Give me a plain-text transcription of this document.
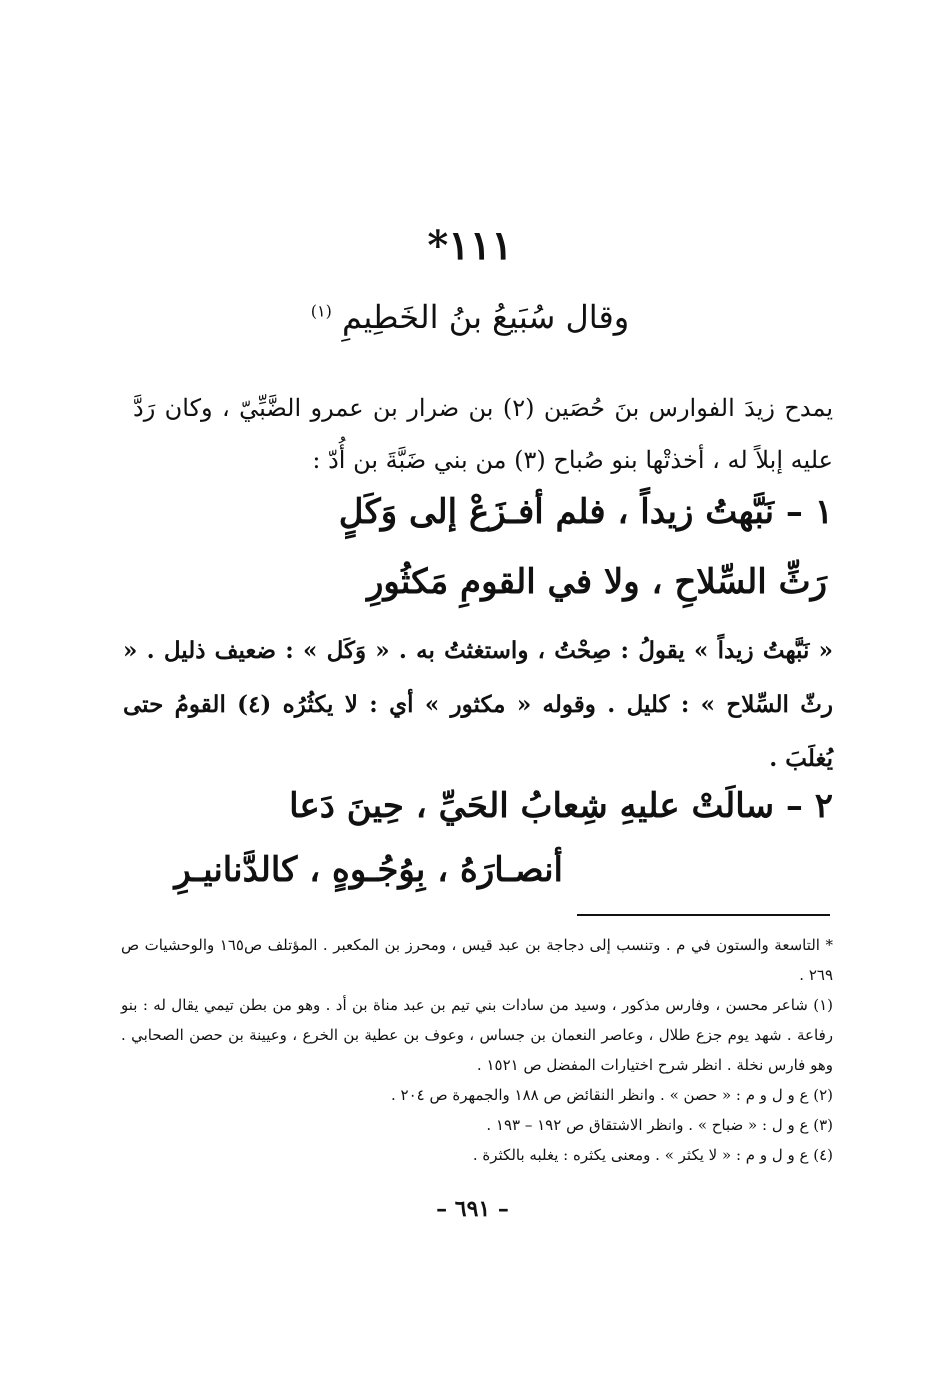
١١١*
وقال سُبَيعُ بنُ الخَطِيمِ $^{(١)}$
يمدح زيدَ الفوارس بنَ حُصَين (٢) بن ضرار بن عمرو الضَّبِّيّ ، وكان رَدَّ عليه إبلاً له ، أخذتْها بنو صُباح (٣) من بني ضَبَّةَ بن أُدّ :
١ – نَبَّهتُ زيداً ، فلم أفـزَعْ إلى وَكَلٍ
رَثِّ السِّلاحِ ، ولا في القومِ مَكثُورِ
« نَبَّهتُ زيداً » يقولُ : صِحْتُ ، واستغثتُ به . « وَكَل » : ضعيف ذليل . « رثّ السِّلاح » : كليل . وقوله « مكثور » أي : لا يكثُرُه (٤) القومُ حتى يُغلَبَ .
٢ – سالَتْ عليهِ شِعابُ الحَيِّ ، حِينَ دَعا
أنصـارَهُ ، بِوُجُـوهٍ ، كالدَّنانيـرِ

* التاسعة والستون في م . وتنسب إلى دجاجة بن عبد قيس ، ومحرز بن المكعبر . المؤتلف ص١٦٥ والوحشيات ص ٢٦٩ .

(١) شاعر محسن ، وفارس مذكور ، وسيد من سادات بني تيم بن عبد مناة بن أد . وهو من بطن تيمي يقال له : بنو رفاعة . شهد يوم جزع طلال ، وعاصر النعمان بن جساس ، وعوف بن عطية بن الخرع ، وعيينة بن حصن الصحابي . وهو فارس نخلة . انظر شرح اختيارات المفضل ص ١٥٢١ .

(٢) ع و ل و م : « حصن » . وانظر النقائض ص ١٨٨ والجمهرة ص ٢٠٤ .

(٣) ع و ل : « ضباح » . وانظر الاشتقاق ص ١٩٢ – ١٩٣ .

(٤) ع و ل و م : « لا يكثر » . ومعنى يكثره : يغلبه بالكثرة .

– ٦٩١ –
